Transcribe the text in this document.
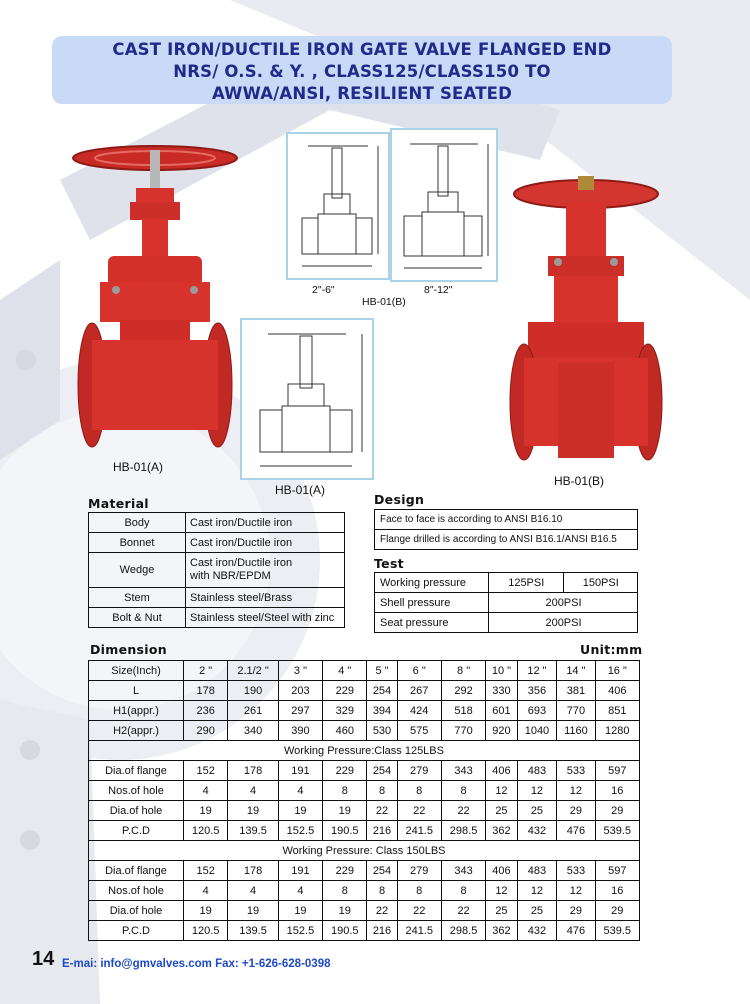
CAST IRON/DUCTILE IRON GATE VALVE FLANGED END
NRS/ O.S. & Y. , CLASS125/CLASS150 TO
AWWA/ANSI, RESILIENT SEATED
HB-01(A)
2"-6"	8"-12"
HB-01(B)
HB-01(A)
HB-01(B)
Material
Body	Cast iron/Ductile iron
Bonnet	Cast iron/Ductile iron
Wedge	Cast iron/Ductile iron
with NBR/EPDM

Stem	Stainless steel/Brass
Bolt & Nut	Stainless steel/Steel with zinc
Design
Face to face is according to ANSI B16.10
Flange drilled is according to ANSI B16.1/ANSI B16.5
Test
Working pressure	125PSI	150PSI
Shell pressure	200PSI	
Seat pressure	200PSI	
Dimension	Unit:mm
Size(Inch)	2 "	2.1/2 "	3 "	4 "	5 "	6 "	8 "	10 "	12 "	14 "	16 "
L	178	190	203	229	254	267	292	330	356	381	406
H1(appr.)	236	261	297	329	394	424	518	601	693	770	851
H2(appr.)	290	340	390	460	530	575	770	920	1040	1160	1280
Working Pressure:Class 125LBS											
Dia.of flange	152	178	191	229	254	279	343	406	483	533	597
Nos.of hole	4	4	4	8	8	8	8	12	12	12	16
Dia.of hole	19	19	19	19	22	22	22	25	25	29	29
P.C.D	120.5	139.5	152.5	190.5	216	241.5	298.5	362	432	476	539.5
Working Pressure: Class 150LBS											
Dia.of flange	152	178	191	229	254	279	343	406	483	533	597
Nos.of hole	4	4	4	8	8	8	8	12	12	12	16
Dia.of hole	19	19	19	19	22	22	22	25	25	29	29
P.C.D	120.5	139.5	152.5	190.5	216	241.5	298.5	362	432	476	539.5
14 E-mai: info@gmvalves.com Fax: +1-626-628-0398
